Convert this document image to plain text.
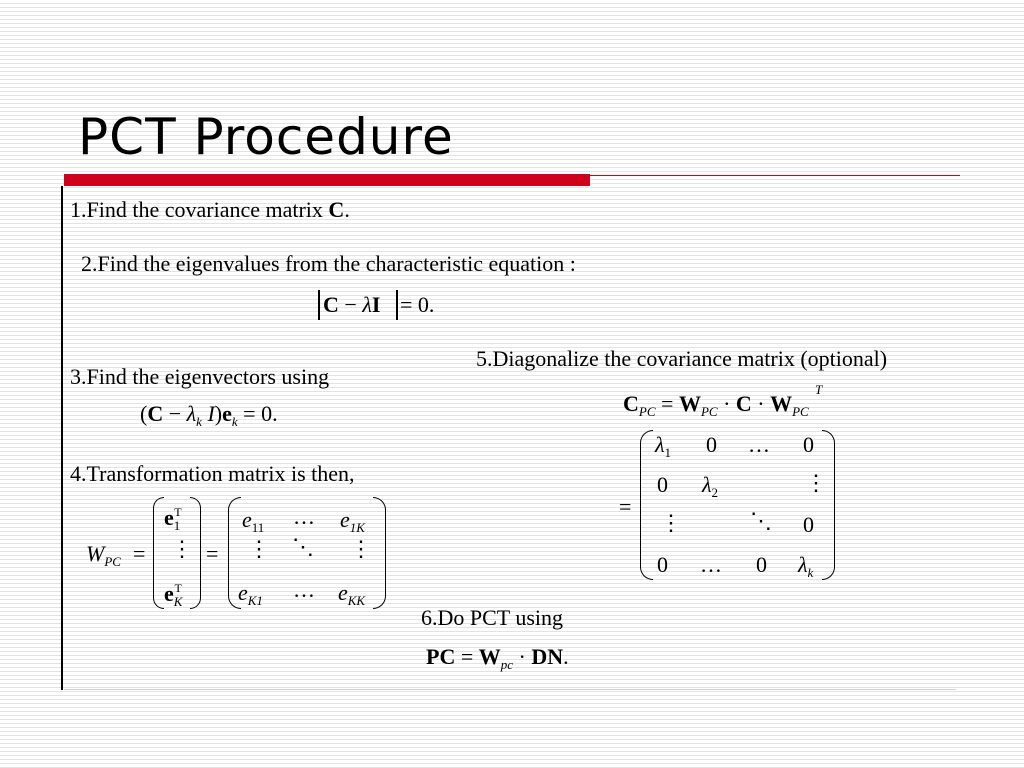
PCT Procedure
1.Find the covariance matrix C.
2.Find the eigenvalues from the characteristic equation :
C − λI = 0.
3.Find the eigenvectors using
($C - \lambda_k$ $I)e_k = 0$.
4.Transformation matrix is then,
$W_{PC}$ =
$e_1^T$
⋮
$e_K^T$
=
$e_{11}$ … $e_{1K}$
⋮ ⋱ ⋮
$e_{K1}$ … $e_{KK}$
5.Diagonalize the covariance matrix (optional)
$C_{PC} = W_{PC} \cdot C \cdot W_{PC}$
T
=
$\lambda_1$ 0 … 0
0 $\lambda_2$	⋮
⋮	⋱ 0
0 … 0 $\lambda_k$
6.Do PCT using
PC = $W_{pc}$ · DN.
